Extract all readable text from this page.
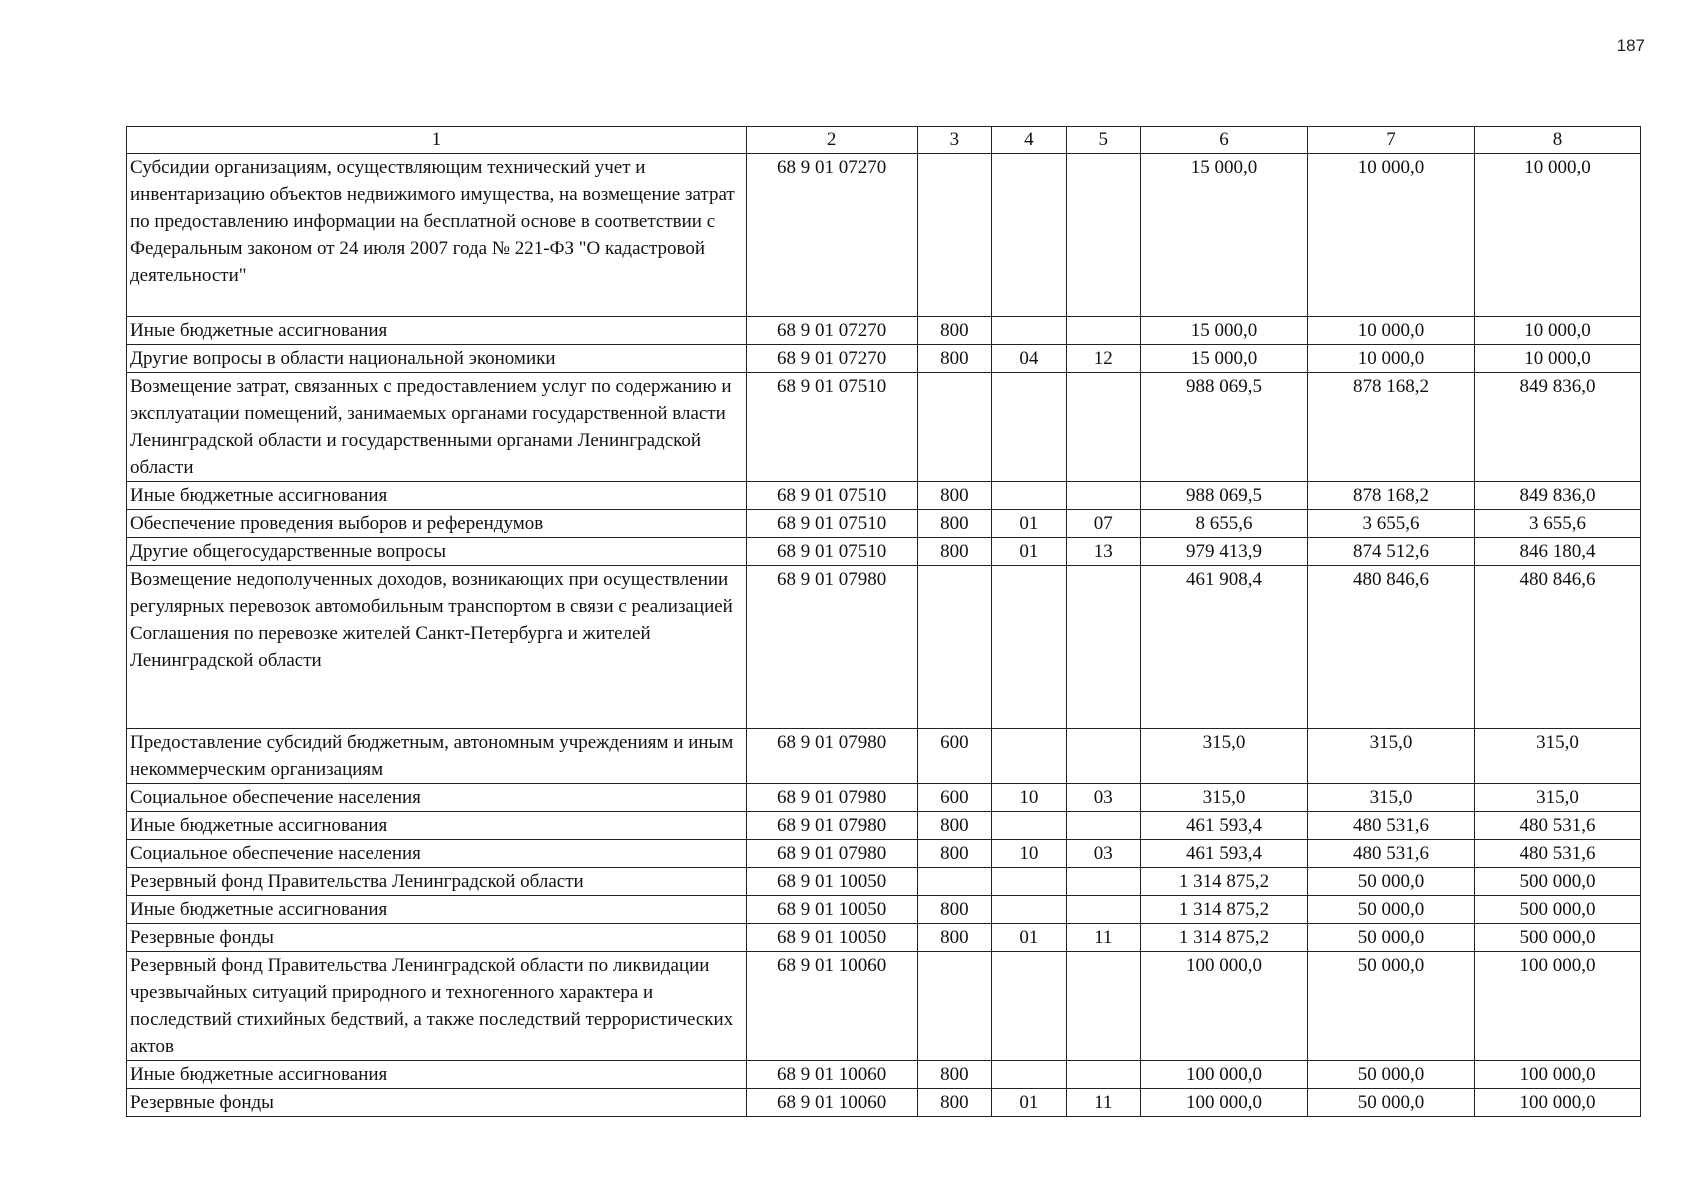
187
1	2	3	4	5	6	7	8
Субсидии организациям, осуществляющим технический учет и инвентаризацию объектов недвижимого имущества, на возмещение затрат по предоставлению информации на бесплатной основе в соответствии с Федеральным законом от 24 июля 2007 года № 221-ФЗ "О кадастровой деятельности"	68 9 01 07270				15 000,0	10 000,0	10 000,0
Иные бюджетные ассигнования	68 9 01 07270	800			15 000,0	10 000,0	10 000,0
Другие вопросы в области национальной экономики	68 9 01 07270	800	04	12	15 000,0	10 000,0	10 000,0
Возмещение затрат, связанных с предоставлением услуг по содержанию и эксплуатации помещений, занимаемых органами государственной власти Ленинградской области и государственными органами Ленинградской области	68 9 01 07510				988 069,5	878 168,2	849 836,0
Иные бюджетные ассигнования	68 9 01 07510	800			988 069,5	878 168,2	849 836,0
Обеспечение проведения выборов и референдумов	68 9 01 07510	800	01	07	8 655,6	3 655,6	3 655,6
Другие общегосударственные вопросы	68 9 01 07510	800	01	13	979 413,9	874 512,6	846 180,4
Возмещение недополученных доходов, возникающих при осуществлении регулярных перевозок автомобильным транспортом в связи с реализацией Соглашения по перевозке жителей Санкт-Петербурга и жителей Ленинградской области	68 9 01 07980				461 908,4	480 846,6	480 846,6
Предоставление субсидий бюджетным, автономным учреждениям и иным некоммерческим организациям	68 9 01 07980	600			315,0	315,0	315,0
Социальное обеспечение населения	68 9 01 07980	600	10	03	315,0	315,0	315,0
Иные бюджетные ассигнования	68 9 01 07980	800			461 593,4	480 531,6	480 531,6
Социальное обеспечение населения	68 9 01 07980	800	10	03	461 593,4	480 531,6	480 531,6
Резервный фонд Правительства Ленинградской области	68 9 01 10050				1 314 875,2	50 000,0	500 000,0
Иные бюджетные ассигнования	68 9 01 10050	800			1 314 875,2	50 000,0	500 000,0
Резервные фонды	68 9 01 10050	800	01	11	1 314 875,2	50 000,0	500 000,0
Резервный фонд Правительства Ленинградской области по ликвидации чрезвычайных ситуаций природного и техногенного характера и последствий стихийных бедствий, а также последствий террористических актов	68 9 01 10060				100 000,0	50 000,0	100 000,0
Иные бюджетные ассигнования	68 9 01 10060	800			100 000,0	50 000,0	100 000,0
Резервные фонды	68 9 01 10060	800	01	11	100 000,0	50 000,0	100 000,0
